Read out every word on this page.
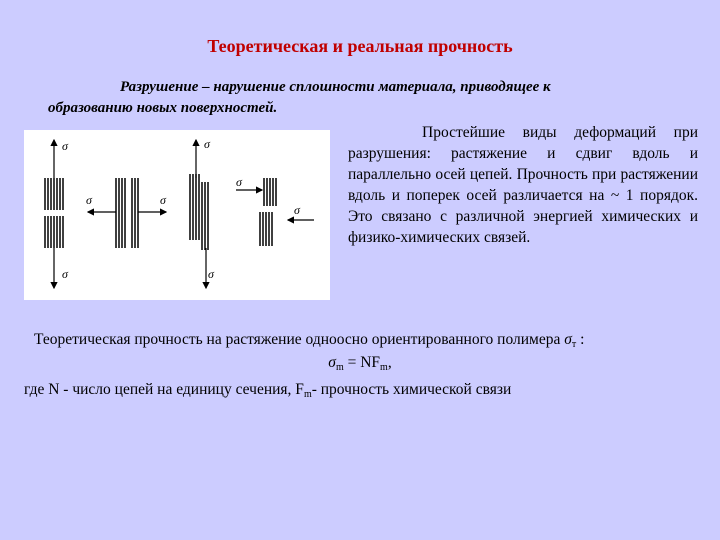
Теоретическая и реальная прочность
Разрушение – нарушение сплошности материала, приводящее к
образованию новых поверхностей.
σ
σ
σ	σ
σ
σ
σ
σ
Простейшие виды деформаций при разрушения: растяжение и сдвиг вдоль и параллельно осей цепей. Прочность при растяжении вдоль и поперек осей различается на ~ 1 порядок. Это связано с различной энергией химических и физико-химических связей.
Теоретическая прочность на растяжение одноосно ориентированного полимера $\sigma_т$ :
$\sigma_m = NF_m$,
где N - число цепей на единицу сечения, $F_m-$ прочность химической связи
